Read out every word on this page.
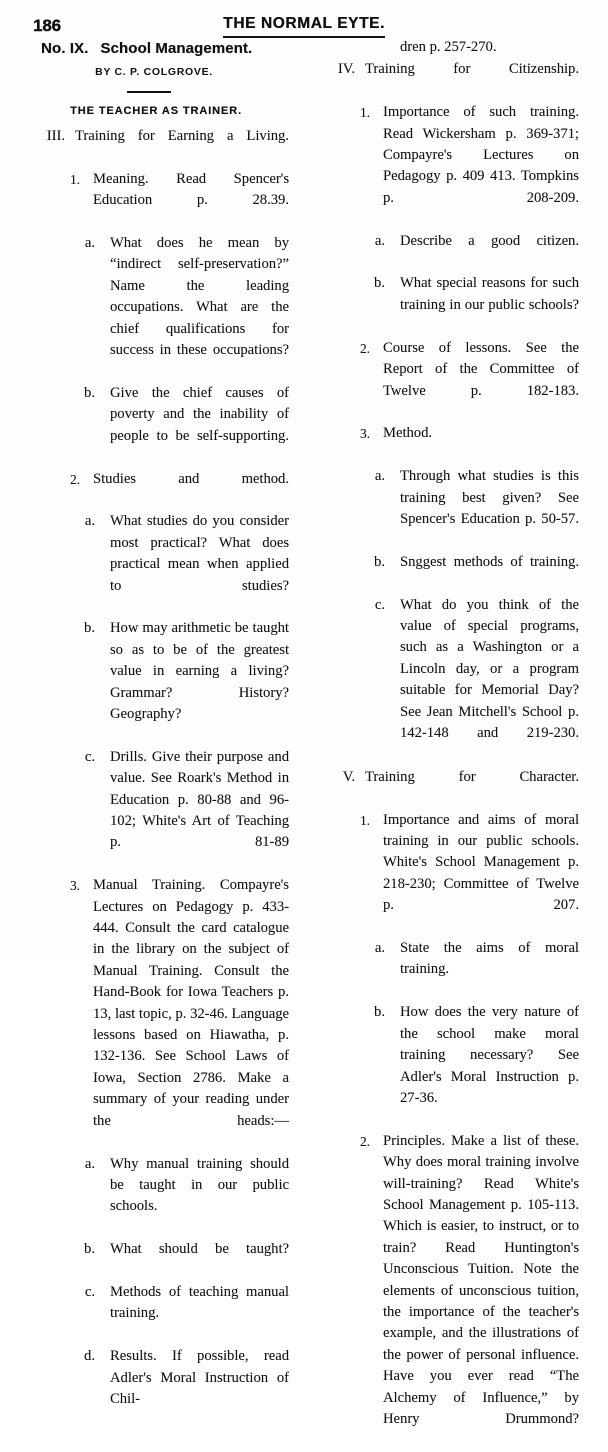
186	THE NORMAL EYTE.
No. IX. School Management.
BY C. P. COLGROVE.
THE TEACHER AS TRAINER.
III. Training for Earning a Living.
1. Meaning. Read Spencer's Education p. 28.39.
a. What does he mean by “indirect self-preservation?” Name the leading occupations. What are the chief qualifications for success in these occupations?
b. Give the chief causes of poverty and the inability of people to be self-supporting.
2. Studies and method.
a. What studies do you consider most practical? What does practical mean when applied to studies?
b. How may arithmetic be taught so as to be of the greatest value in earning a living? Grammar? History? Geography?
c. Drills. Give their purpose and value. See Roark's Method in Education p. 80-88 and 96-102; White's Art of Teaching p. 81-89
3. Manual Training. Compayre's Lectures on Pedagogy p. 433-444. Consult the card catalogue in the library on the subject of Manual Training. Consult the Hand-Book for Iowa Teachers p. 13, last topic, p. 32-46. Language lessons based on Hiawatha, p. 132-136. See School Laws of Iowa, Section 2786. Make a summary of your reading under the heads:—
a. Why manual training should be taught in our public schools.
b. What should be taught?
c. Methods of teaching manual training.
d. Results. If possible, read Adler's Moral Instruction of Chil-
dren p. 257-270.
IV. Training for Citizenship.
1. Importance of such training. Read Wickersham p. 369-371; Compayre's Lectures on Pedagogy p. 409 413. Tompkins p. 208-209.
a. Describe a good citizen.
b. What special reasons for such training in our public schools?
2. Course of lessons. See the Report of the Committee of Twelve p. 182-183.
3. Method.
a. Through what studies is this training best given? See Spencer's Education p. 50-57.
b. Snggest methods of training.
c. What do you think of the value of special programs, such as a Washington or a Lincoln day, or a program suitable for Memorial Day? See Jean Mitchell's School p. 142-148 and 219-230.
V. Training for Character.
1. Importance and aims of moral training in our public schools. White's School Management p. 218-230; Committee of Twelve p. 207.
a. State the aims of moral training.
b. How does the very nature of the school make moral training necessary? See Adler's Moral Instruction p. 27-36.
2. Principles. Make a list of these. Why does moral training involve will-training? Read White's School Management p. 105-113. Which is easier, to instruct, or to train? Read Huntington's Unconscious Tuition. Note the elements of unconscious tuition, the importance of the teacher's example, and the illustrations of the power of personal influence. Have you ever read “The Alchemy of Influence,” by Henry Drummond?
